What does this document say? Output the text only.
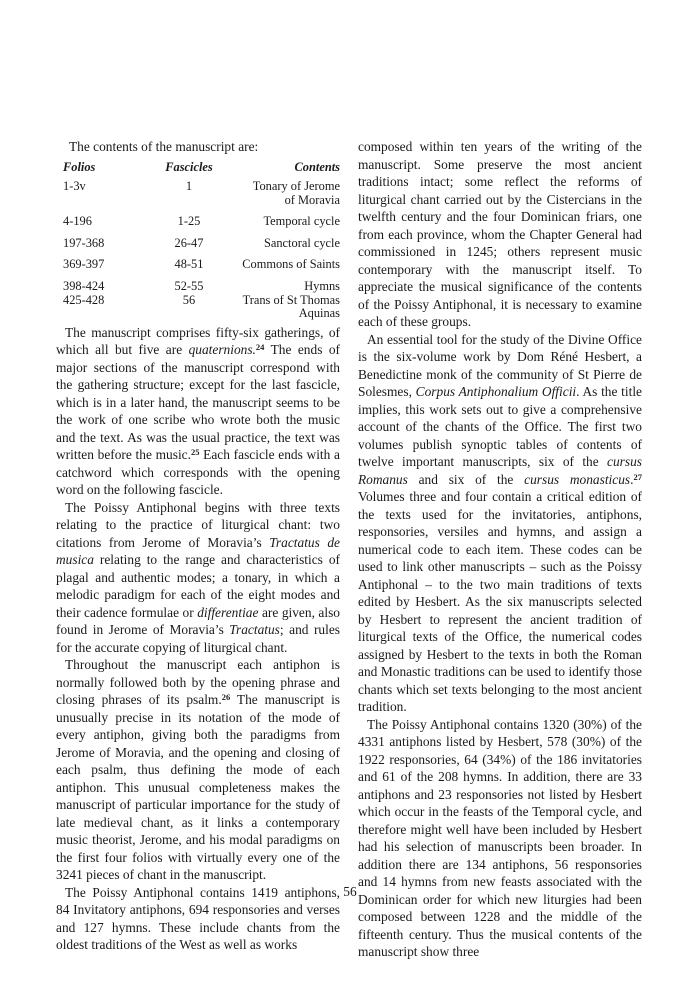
The contents of the manuscript are:
Folios	Fascicles	Contents
1-3v	1	Tonary of Jerome of Moravia

4-196	1-25	Temporal cycle
197-368	26-47	Sanctoral cycle
369-397	48-51	Commons of Saints
398-424	52-55	Hymns
425-428	56	Trans of St Thomas Aquinas

The manuscript comprises fifty-six gatherings, of which all but five are quaternions.$^{24}$ The ends of major sections of the manuscript correspond with the gathering structure; except for the last fascicle, which is in a later hand, the manuscript seems to be the work of one scribe who wrote both the music and the text. As was the usual practice, the text was written before the music.$^{25}$ Each fascicle ends with a catchword which corresponds with the opening word on the following fascicle.

The Poissy Antiphonal begins with three texts relating to the practice of liturgical chant: two citations from Jerome of Moravia’s Tractatus de musica relating to the range and characteristics of plagal and authentic modes; a tonary, in which a melodic paradigm for each of the eight modes and their cadence formulae or differentiae are given, also found in Jerome of Moravia’s Tractatus; and rules for the accurate copying of liturgical chant.

Throughout the manuscript each antiphon is normally followed both by the opening phrase and closing phrases of its psalm.$^{26}$ The manuscript is unusually precise in its notation of the mode of every antiphon, giving both the paradigms from Jerome of Moravia, and the opening and closing of each psalm, thus defining the mode of each antiphon. This unusual completeness makes the manuscript of particular importance for the study of late medieval chant, as it links a contemporary music theorist, Jerome, and his modal paradigms on the first four folios with virtually every one of the 3241 pieces of chant in the manuscript.

The Poissy Antiphonal contains 1419 antiphons, 84 Invitatory antiphons, 694 responsories and verses and 127 hymns. These include chants from the oldest traditions of the West as well as works

composed within ten years of the writing of the manuscript. Some preserve the most ancient traditions intact; some reflect the reforms of liturgical chant carried out by the Cistercians in the twelfth century and the four Dominican friars, one from each province, whom the Chapter General had commissioned in 1245; others represent music contemporary with the manuscript itself. To appreciate the musical significance of the contents of the Poissy Antiphonal, it is necessary to examine each of these groups.

An essential tool for the study of the Divine Office is the six-volume work by Dom Réné Hesbert, a Benedictine monk of the community of St Pierre de Solesmes, Corpus Antiphonalium Officii. As the title implies, this work sets out to give a comprehensive account of the chants of the Office. The first two volumes publish synoptic tables of contents of twelve important manuscripts, six of the cursus Romanus and six of the cursus monasticus.$^{27}$ Volumes three and four contain a critical edition of the texts used for the invitatories, antiphons, responsories, versiles and hymns, and assign a numerical code to each item. These codes can be used to link other manuscripts – such as the Poissy Antiphonal – to the two main traditions of texts edited by Hesbert. As the six manuscripts selected by Hesbert to represent the ancient tradition of liturgical texts of the Office, the numerical codes assigned by Hesbert to the texts in both the Roman and Monastic traditions can be used to identify those chants which set texts belonging to the most ancient tradition.

The Poissy Antiphonal contains 1320 (30%) of the 4331 antiphons listed by Hesbert, 578 (30%) of the 1922 responsories, 64 (34%) of the 186 invitatories and 61 of the 208 hymns. In addition, there are 33 antiphons and 23 responsories not listed by Hesbert which occur in the feasts of the Temporal cycle, and therefore might well have been included by Hesbert had his selection of manuscripts been broader. In addition there are 134 antiphons, 56 responsories and 14 hymns from new feasts associated with the Dominican order for which new liturgies had been composed between 1228 and the middle of the fifteenth century. Thus the musical contents of the manuscript show three

56
